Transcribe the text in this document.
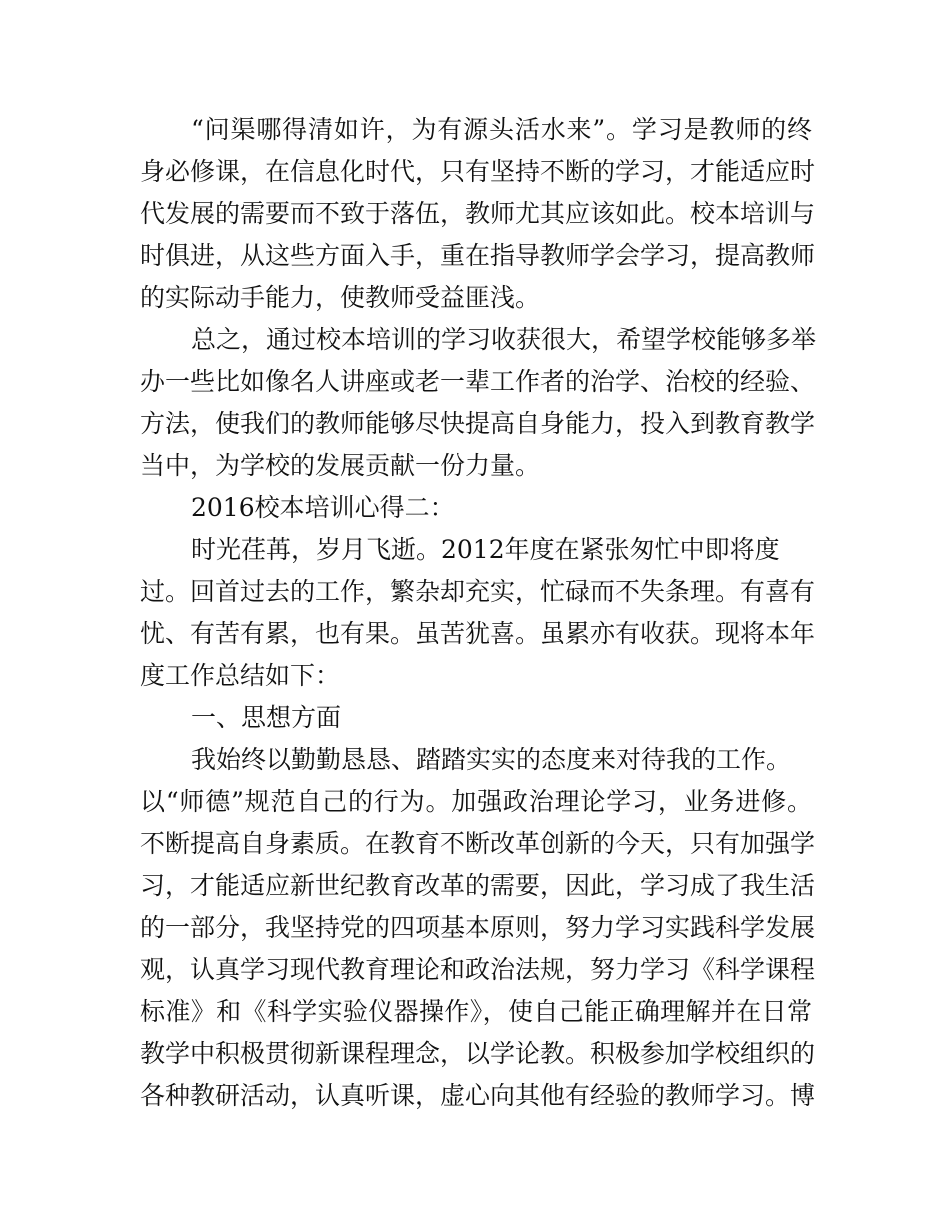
“问渠哪得清如许，为有源头活水来”。学习是教师的终
身必修课，在信息化时代，只有坚持不断的学习，才能适应时
代发展的需要而不致于落伍，教师尤其应该如此。校本培训与
时俱进，从这些方面入手，重在指导教师学会学习，提高教师
的实际动手能力，使教师受益匪浅。
总之，通过校本培训的学习收获很大，希望学校能够多举
办一些比如像名人讲座或老一辈工作者的治学、治校的经验、
方法，使我们的教师能够尽快提高自身能力，投入到教育教学
当中，为学校的发展贡献一份力量。
2016校本培训心得二：
时光荏苒，岁月飞逝。2012年度在紧张匆忙中即将度
过。回首过去的工作，繁杂却充实，忙碌而不失条理。有喜有
忧、有苦有累，也有果。虽苦犹喜。虽累亦有收获。现将本年
度工作总结如下：
一、思想方面
我始终以勤勤恳恳、踏踏实实的态度来对待我的工作。
以“师德”规范自己的行为。加强政治理论学习，业务进修。
不断提高自身素质。在教育不断改革创新的今天，只有加强学
习，才能适应新世纪教育改革的需要，因此，学习成了我生活
的一部分，我坚持党的四项基本原则，努力学习实践科学发展
观，认真学习现代教育理论和政治法规，努力学习《科学课程
标准》和《科学实验仪器操作》，使自己能正确理解并在日常
教学中积极贯彻新课程理念，以学论教。积极参加学校组织的
各种教研活动，认真听课，虚心向其他有经验的教师学习。博
